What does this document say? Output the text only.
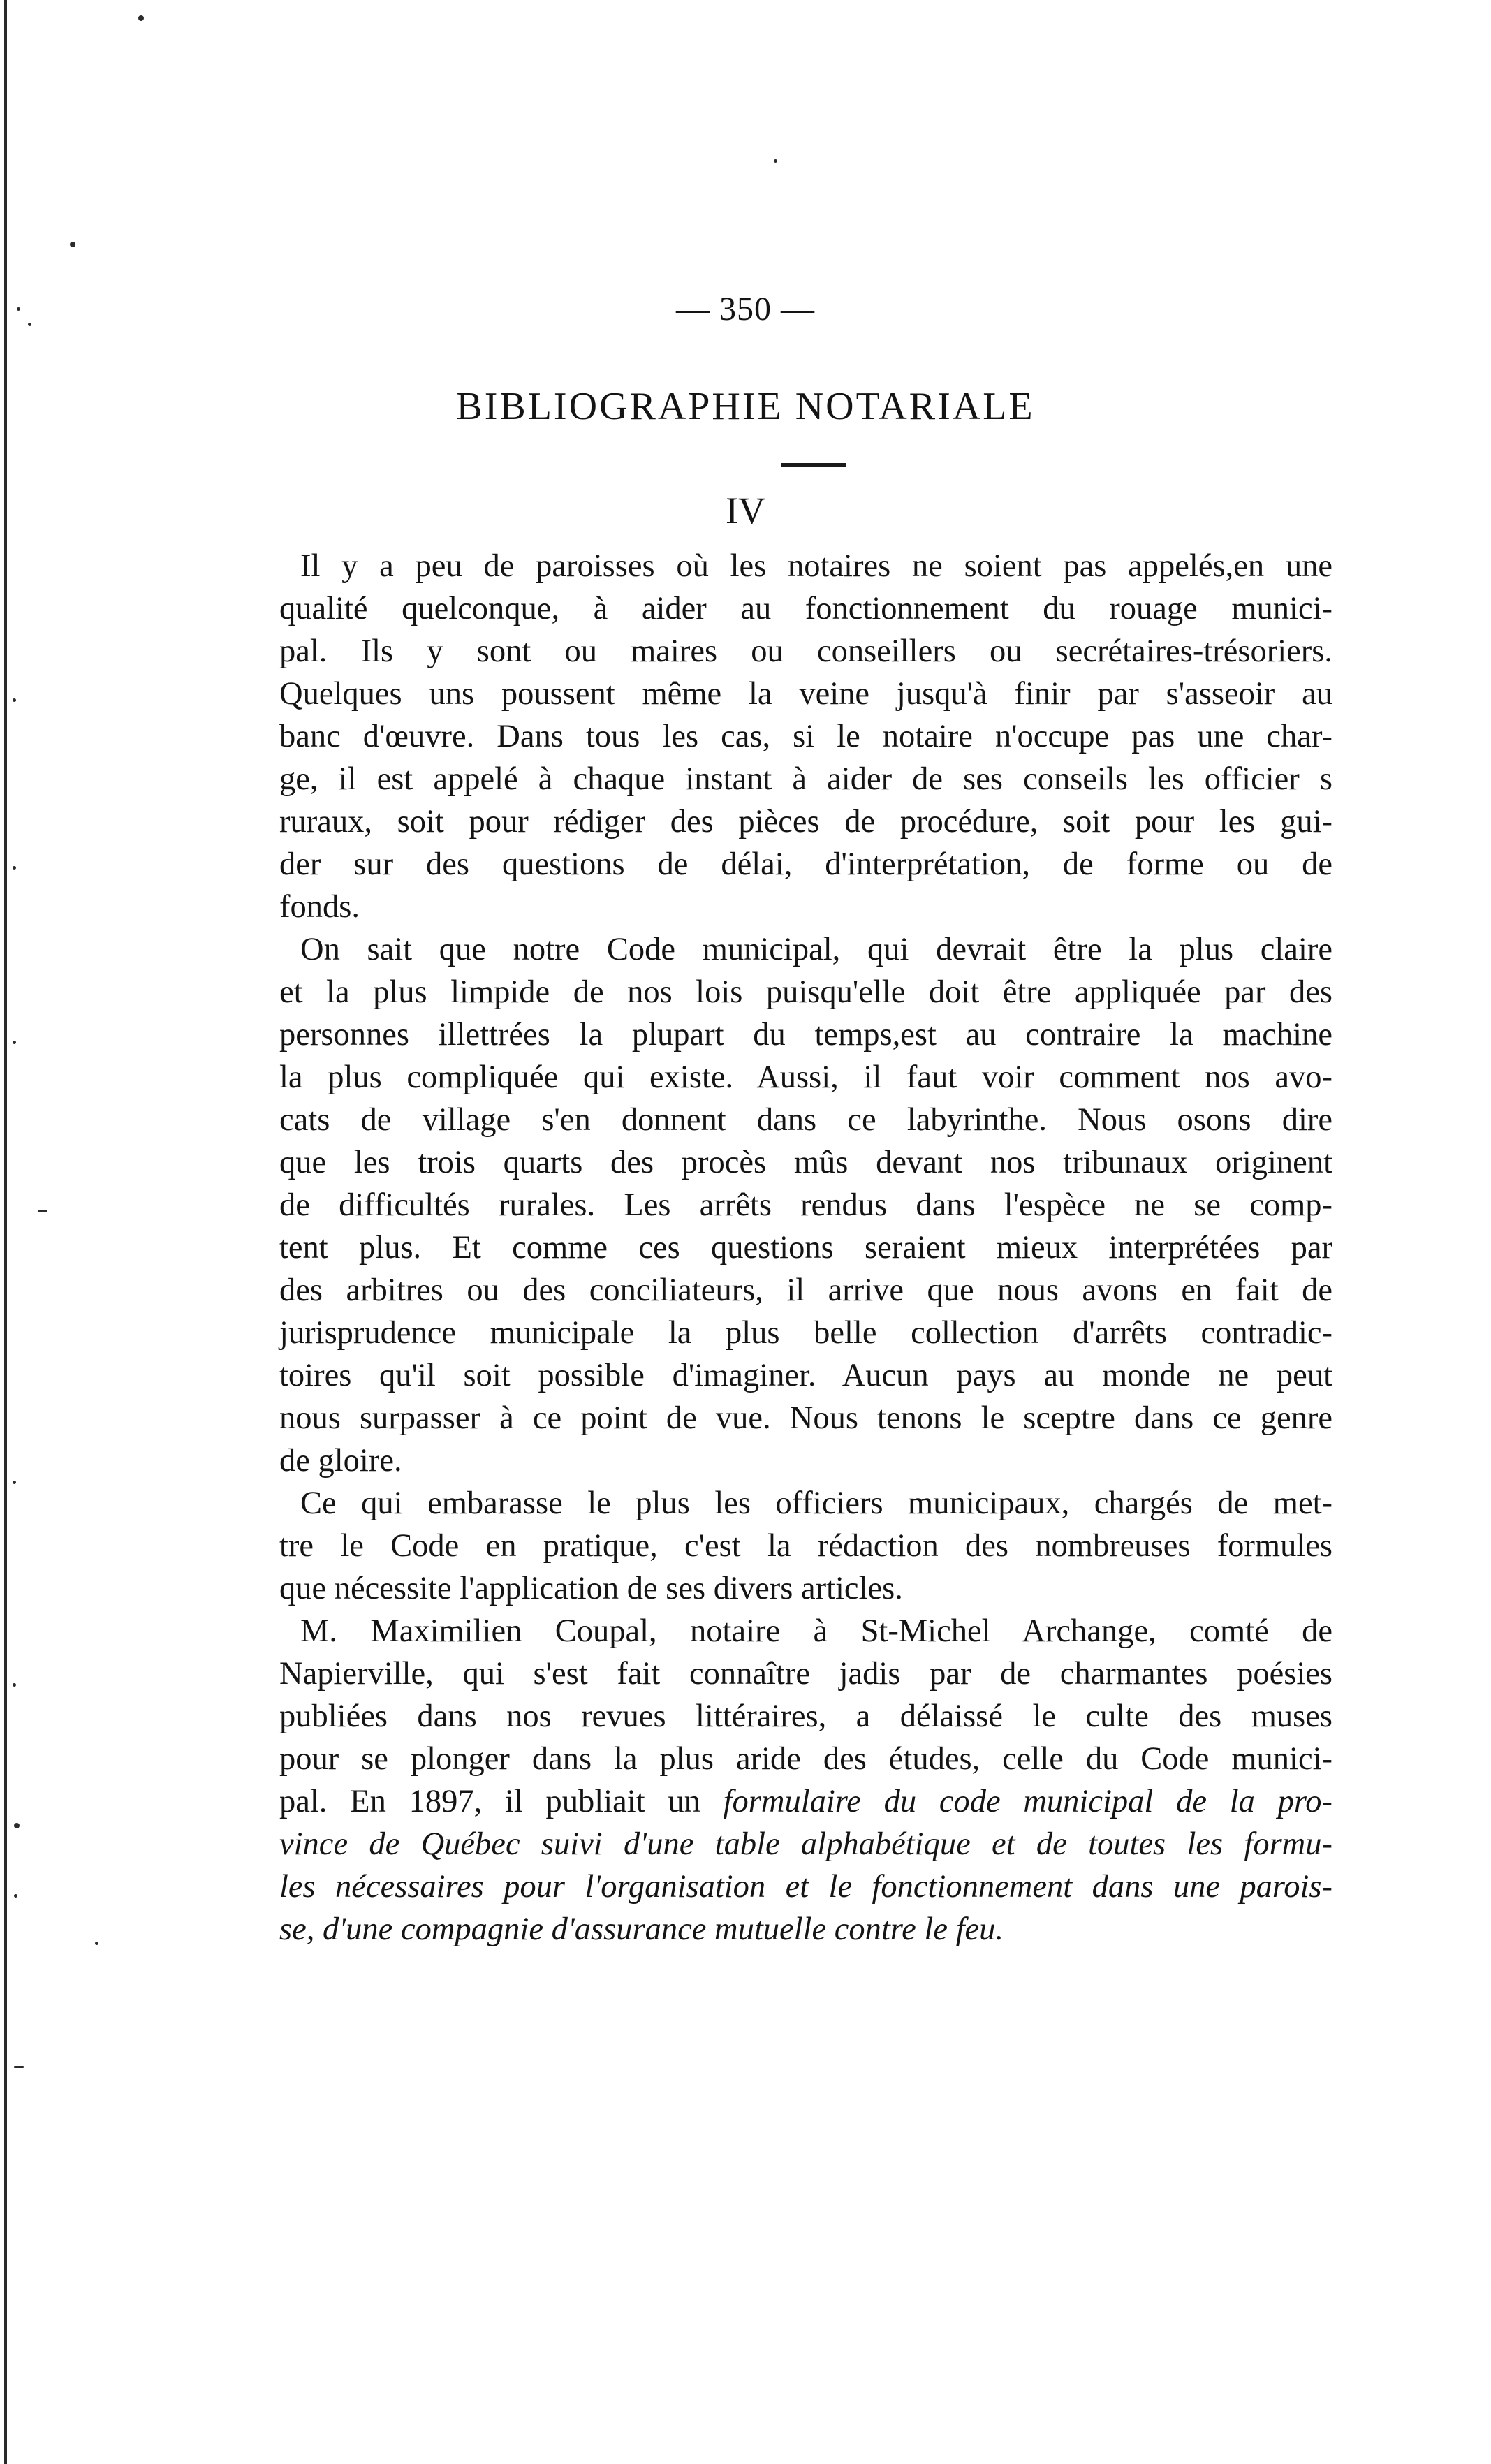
— 350 —
BIBLIOGRAPHIE NOTARIALE
IV

Il y a peu de paroisses où les notaires ne soient pas appelés,en une
qualité quelconque, à aider au fonctionnement du rouage munici-
pal. Ils y sont ou maires ou conseillers ou secrétaires-trésoriers.
Quelques uns poussent même la veine jusqu'à finir par s'asseoir au
banc d'œuvre. Dans tous les cas, si le notaire n'occupe pas une char-
ge, il est appelé à chaque instant à aider de ses conseils les officier s
ruraux, soit pour rédiger des pièces de procédure, soit pour les gui-
der sur des questions de délai, d'interprétation, de forme ou de
fonds.

On sait que notre Code municipal, qui devrait être la plus claire
et la plus limpide de nos lois puisqu'elle doit être appliquée par des
personnes illettrées la plupart du temps,est au contraire la machine
la plus compliquée qui existe. Aussi, il faut voir comment nos avo-
cats de village s'en donnent dans ce labyrinthe. Nous osons dire
que les trois quarts des procès mûs devant nos tribunaux originent
de difficultés rurales. Les arrêts rendus dans l'espèce ne se comp-
tent plus. Et comme ces questions seraient mieux interprétées par
des arbitres ou des conciliateurs, il arrive que nous avons en fait de
jurisprudence municipale la plus belle collection d'arrêts contradic-
toires qu'il soit possible d'imaginer. Aucun pays au monde ne peut
nous surpasser à ce point de vue. Nous tenons le sceptre dans ce genre
de gloire.

Ce qui embarasse le plus les officiers municipaux, chargés de met-
tre le Code en pratique, c'est la rédaction des nombreuses formules
que nécessite l'application de ses divers articles.

M. Maximilien Coupal, notaire à St-Michel Archange, comté de
Napierville, qui s'est fait connaître jadis par de charmantes poésies
publiées dans nos revues littéraires, a délaissé le culte des muses
pour se plonger dans la plus aride des études, celle du Code munici-
pal. En 1897, il publiait un formulaire du code municipal de la pro-
vince de Québec suivi d'une table alphabétique et de toutes les formu-
les nécessaires pour l'organisation et le fonctionnement dans une parois-
se, d'une compagnie d'assurance mutuelle contre le feu.
